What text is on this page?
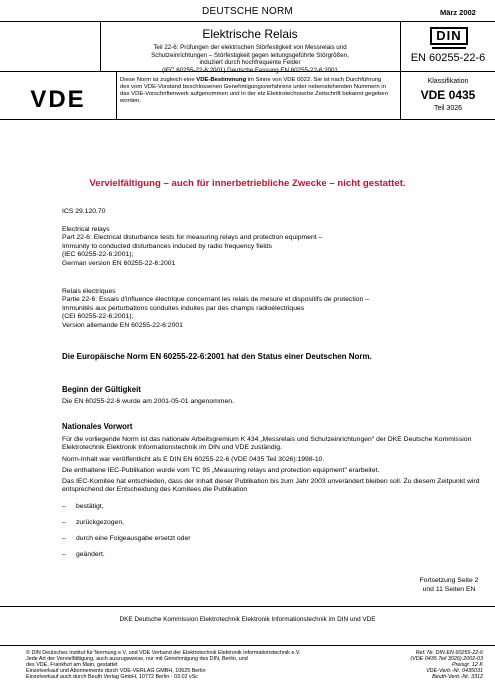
DEUTSCHE NORM	März 2002
Elektrische Relais
Teil 22-6: Prüfungen der elektrischen Störfestigkeit von Messrelais und
Schutzeinrichtungen – Störfestigkeit gegen leitungsgeführte Störgrößen,
induziert durch hochfrequente Felder
(IEC 60255-22-6:2001) Deutsche Fassung EN 60255-22-6:2001
DIN
EN 60255-22-6
VDE
Diese Norm ist zugleich eine VDE-Bestimmung im Sinne von VDE 0022. Sie ist nach Durchführung des vom VDE-Vorstand beschlossenen Genehmigungsverfahrens unter nebenstehenden Nummern in das VDE-Vorschriftenwerk aufgenommen und in der etz Elektrotechnische Zeitschrift bekannt gegeben worden.
Klassifikation
VDE 0435
Teil 3026
Vervielfältigung – auch für innerbetriebliche Zwecke – nicht gestattet.
ICS 29.120.70
Electrical relays
Part 22-6: Electrical disturbance tests for measuring relays and protection equipment –
Immunity to conducted disturbances induced by radio frequency fields
(IEC 60255-22-6:2001);
German version EN 60255-22-6:2001
Relais électriques
Partie 22-6: Essais d'influence électrique concernant les relais de mesure et dispositifs de protection –
Immunités aux perturbations conduites induites par des champs radioélectriques
(CEI 60255-22-6:2001);
Version allemande EN 60255-22-6:2001
Die Europäische Norm EN 60255-22-6:2001 hat den Status einer Deutschen Norm.
Beginn der Gültigkeit
Die EN 60255-22-6 wurde am 2001-05-01 angenommen.
Nationales Vorwort

Für die vorliegende Norm ist das nationale Arbeitsgremium K 434 „Messrelais und Schutzeinrichtungen" der DKE Deutsche Kommission Elektrotechnik Elektronik Informationstechnik im DIN und VDE zuständig.

Norm-Inhalt war veröffentlicht als E DIN EN 60255-22-6 (VDE 0435 Teil 3026):1998-10.

Die enthaltene IEC-Publikation wurde vom TC 95 „Measuring relays and protection equipment" erarbeitet.

Das IEC-Komitee hat entschieden, dass der Inhalt dieser Publikation bis zum Jahr 2003 unverändert bleiben soll. Zu diesem Zeitpunkt wird entsprechend der Entscheidung des Komitees die Publikation

– bestätigt,
– zurückgezogen,
– durch eine Folgeausgabe ersetzt oder
– geändert.
Fortsetzung Seite 2
und 11 Seiten EN
DKE Deutsche Kommission Elektrotechnik Elektronik Informationstechnik im DIN und VDE
© DIN Deutsches Institut für Normung e.V. und VDE Verband der Elektrotechnik Elektronik Informationstechnik e.V.
Jede Art der Vervielfältigung, auch auszugsweise, nur mit Genehmigung des DIN, Berlin, und
des VDE, Frankfurt am Main, gestattet
Einzelverkauf und Abonnements durch VDE-VERLAG GMBH, 10625 Berlin
Einzelverkauf auch durch Beuth Verlag GmbH, 10772 Berlin · 03.02 vSc
Ref. Nr. DIN EN 60255-22-6
(VDE 0435 Teil 3026):2002-03
Preisgr. 12 K
VDE-Vertr.-Nr. 0435031
Beuth-Vertr.-Nr. 3312
